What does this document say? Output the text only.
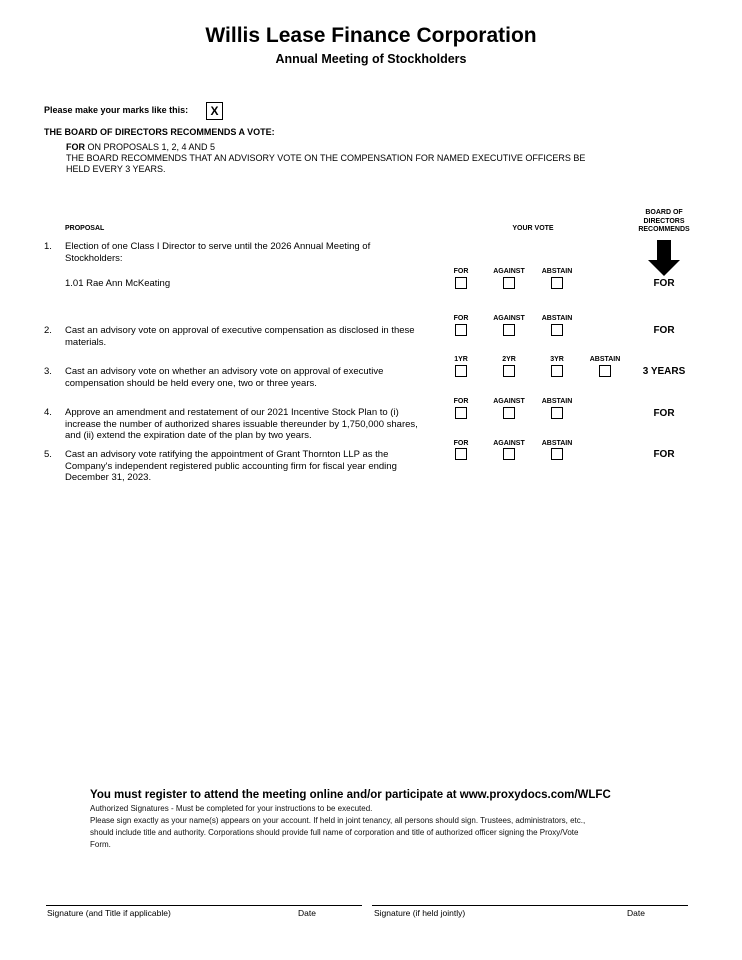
Willis Lease Finance Corporation
Annual Meeting of Stockholders
Please make your marks like this:	X
THE BOARD OF DIRECTORS RECOMMENDS A VOTE:
FOR ON PROPOSALS 1, 2, 4 AND 5
THE BOARD RECOMMENDS THAT AN ADVISORY VOTE ON THE COMPENSATION FOR NAMED EXECUTIVE OFFICERS BE
HELD EVERY 3 YEARS.
PROPOSAL	YOUR VOTE
BOARD OF
DIRECTORS
RECOMMENDS
1. Election of one Class I Director to serve until the 2026 Annual Meeting of
Stockholders:
1.01 Rae Ann McKeating
FOR	AGAINST	ABSTAIN
FOR
2. Cast an advisory vote on approval of executive compensation as disclosed in these
materials.
FOR	AGAINST	ABSTAIN
FOR
3. Cast an advisory vote on whether an advisory vote on approval of executive
compensation should be held every one, two or three years.
1YR	2YR	3YR	ABSTAIN
3 YEARS
4. Approve an amendment and restatement of our 2021 Incentive Stock Plan to (i)
increase the number of authorized shares issuable thereunder by 1,750,000 shares,
and (ii) extend the expiration date of the plan by two years.
FOR	AGAINST	ABSTAIN
FOR
5. Cast an advisory vote ratifying the appointment of Grant Thornton LLP as the
Company's independent registered public accounting firm for fiscal year ending
December 31, 2023.
FOR	AGAINST	ABSTAIN
FOR
You must register to attend the meeting online and/or participate at www.proxydocs.com/WLFC
Authorized Signatures - Must be completed for your instructions to be executed.
Please sign exactly as your name(s) appears on your account. If held in joint tenancy, all persons should sign. Trustees, administrators, etc.,
should include title and authority. Corporations should provide full name of corporation and title of authorized officer signing the Proxy/Vote
Form.
Signature (and Title if applicable)	Date	Signature (if held jointly)	Date
